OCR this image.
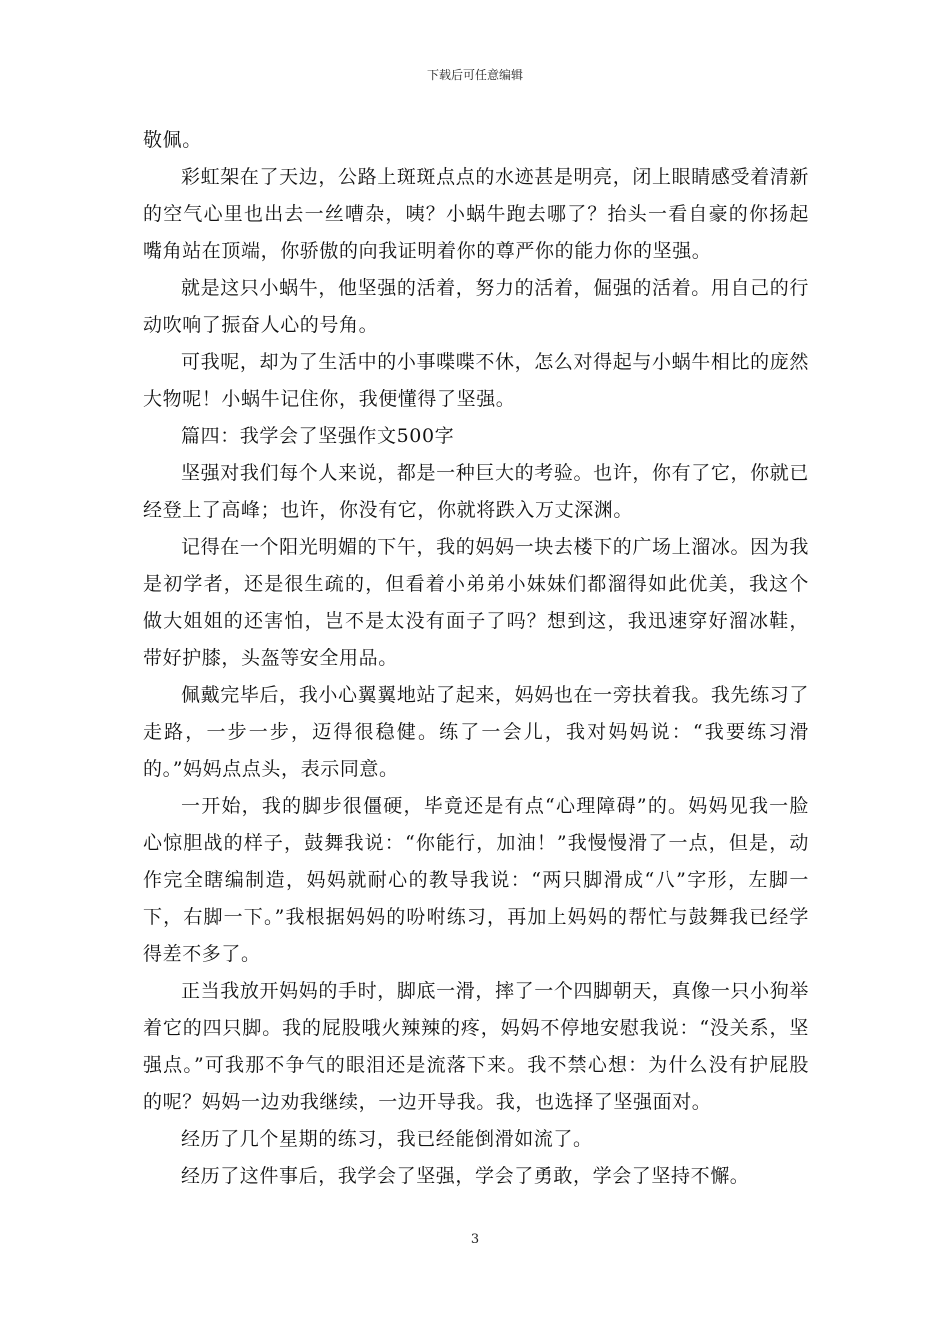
下载后可任意编辑

敬佩。

彩虹架在了天边，公路上斑斑点点的水迹甚是明亮，闭上眼睛感受着清新的空气心里也出去一丝嘈杂，咦？小蜗牛跑去哪了？抬头一看自豪的你扬起嘴角站在顶端，你骄傲的向我证明着你的尊严你的能力你的坚强。

就是这只小蜗牛，他坚强的活着，努力的活着，倔强的活着。用自己的行动吹响了振奋人心的号角。

可我呢，却为了生活中的小事喋喋不休，怎么对得起与小蜗牛相比的庞然大物呢！小蜗牛记住你，我便懂得了坚强。

篇四：我学会了坚强作文500字

坚强对我们每个人来说，都是一种巨大的考验。也许，你有了它，你就已经登上了高峰；也许，你没有它，你就将跌入万丈深渊。

记得在一个阳光明媚的下午，我的妈妈一块去楼下的广场上溜冰。因为我是初学者，还是很生疏的，但看着小弟弟小妹妹们都溜得如此优美，我这个做大姐姐的还害怕，岂不是太没有面子了吗？想到这，我迅速穿好溜冰鞋，带好护膝，头盔等安全用品。

佩戴完毕后，我小心翼翼地站了起来，妈妈也在一旁扶着我。我先练习了走路，一步一步，迈得很稳健。练了一会儿，我对妈妈说：“我要练习滑的。”妈妈点点头，表示同意。

一开始，我的脚步很僵硬，毕竟还是有点“心理障碍”的。妈妈见我一脸心惊胆战的样子，鼓舞我说：“你能行，加油！”我慢慢滑了一点，但是，动作完全瞎编制造，妈妈就耐心的教导我说：“两只脚滑成“八”字形，左脚一下，右脚一下。”我根据妈妈的吩咐练习，再加上妈妈的帮忙与鼓舞我已经学得差不多了。

正当我放开妈妈的手时，脚底一滑，摔了一个四脚朝天，真像一只小狗举着它的四只脚。我的屁股哦火辣辣的疼，妈妈不停地安慰我说：“没关系，坚强点。”可我那不争气的眼泪还是流落下来。我不禁心想：为什么没有护屁股的呢？妈妈一边劝我继续，一边开导我。我，也选择了坚强面对。

经历了几个星期的练习，我已经能倒滑如流了。

经历了这件事后，我学会了坚强，学会了勇敢，学会了坚持不懈。

3
